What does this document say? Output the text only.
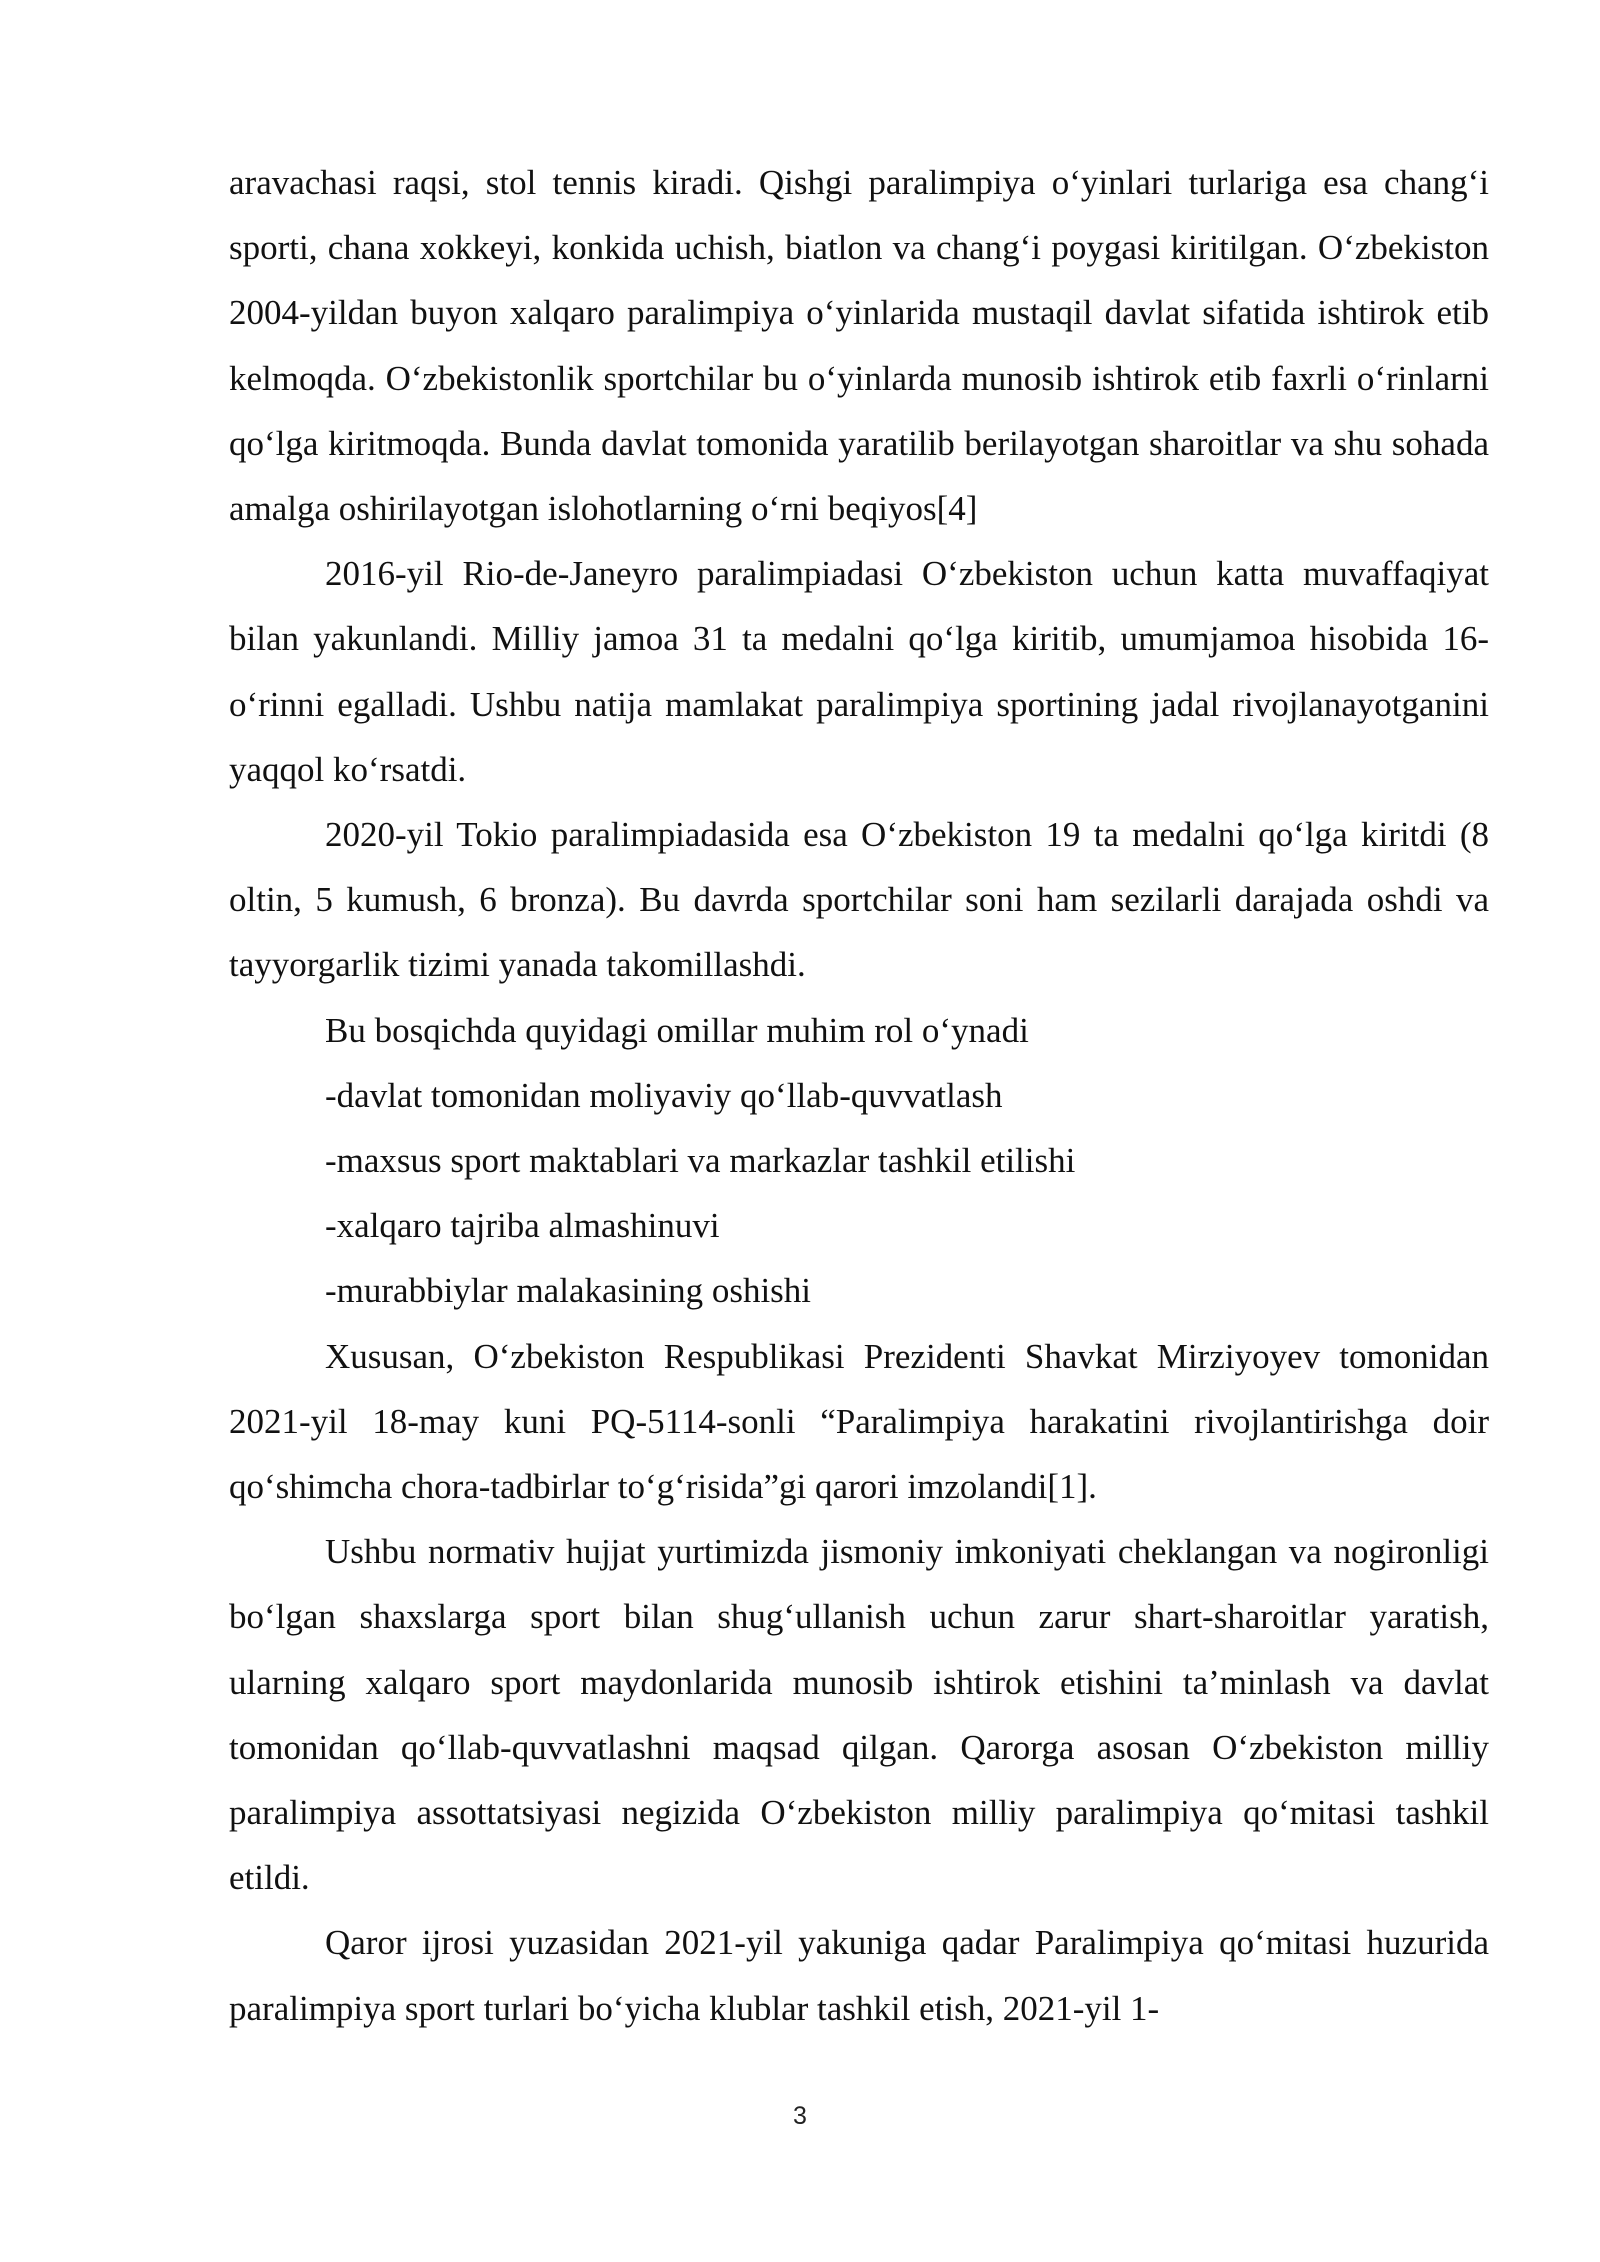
aravachasi raqsi, stol tennis kiradi. Qishgi paralimpiya o‘yinlari turlariga esa chang‘i sporti, chana xokkeyi, konkida uchish, biatlon va chang‘i poygasi kiritilgan. O‘zbekiston 2004-yildan buyon xalqaro paralimpiya o‘yinlarida mustaqil davlat sifatida ishtirok etib kelmoqda. O‘zbekistonlik sportchilar bu o‘yinlarda munosib ishtirok etib faxrli o‘rinlarni qo‘lga kiritmoqda. Bunda davlat tomonida yaratilib berilayotgan sharoitlar va shu sohada amalga oshirilayotgan islohotlarning o‘rni beqiyos[4]

2016-yil Rio-de-Janeyro paralimpiadasi O‘zbekiston uchun katta muvaffaqiyat bilan yakunlandi. Milliy jamoa 31 ta medalni qo‘lga kiritib, umumjamoa hisobida 16-o‘rinni egalladi. Ushbu natija mamlakat paralimpiya sportining jadal rivojlanayotganini yaqqol ko‘rsatdi.

2020-yil Tokio paralimpiadasida esa O‘zbekiston 19 ta medalni qo‘lga kiritdi (8 oltin, 5 kumush, 6 bronza). Bu davrda sportchilar soni ham sezilarli darajada oshdi va tayyorgarlik tizimi yanada takomillashdi.

Bu bosqichda quyidagi omillar muhim rol o‘ynadi

-davlat tomonidan moliyaviy qo‘llab-quvvatlash

-maxsus sport maktablari va markazlar tashkil etilishi

-xalqaro tajriba almashinuvi

-murabbiylar malakasining oshishi

Xususan, O‘zbekiston Respublikasi Prezidenti Shavkat Mirziyoyev tomonidan 2021-yil 18-may kuni PQ-5114-sonli “Paralimpiya harakatini rivojlantirishga doir qo‘shimcha chora-tadbirlar to‘g‘risida”gi qarori imzolandi[1].

Ushbu normativ hujjat yurtimizda jismoniy imkoniyati cheklangan va nogironligi bo‘lgan shaxslarga sport bilan shug‘ullanish uchun zarur shart-sharoitlar yaratish, ularning xalqaro sport maydonlarida munosib ishtirok etishini ta’minlash va davlat tomonidan qo‘llab-quvvatlashni maqsad qilgan. Qarorga asosan O‘zbekiston milliy paralimpiya assottatsiyasi negizida O‘zbekiston milliy paralimpiya qo‘mitasi tashkil etildi.

Qaror ijrosi yuzasidan 2021-yil yakuniga qadar Paralimpiya qo‘mitasi huzurida paralimpiya sport turlari bo‘yicha klublar tashkil etish, 2021-yil 1-

3
